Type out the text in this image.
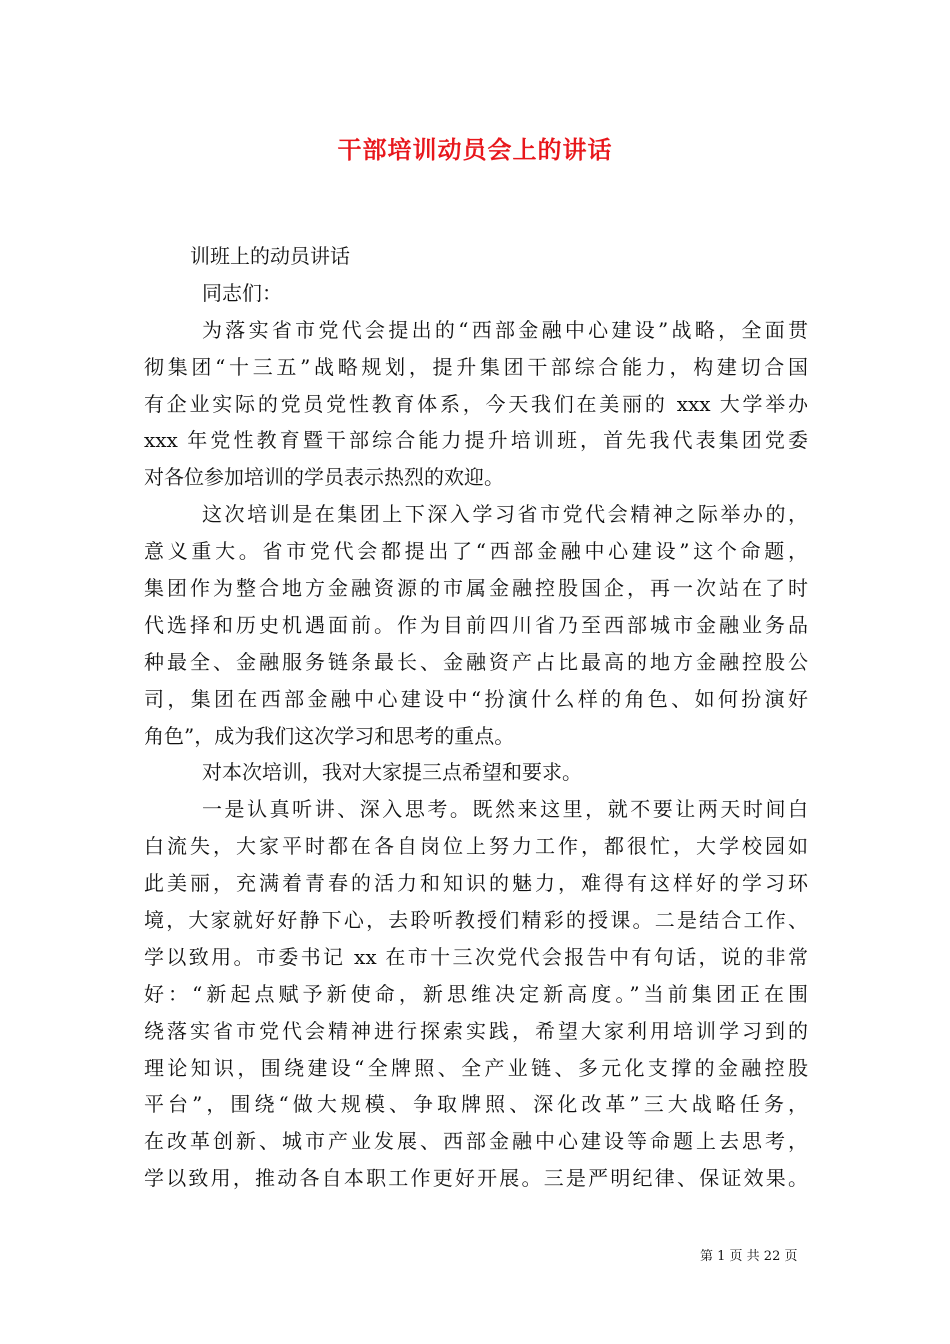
干部培训动员会上的讲话
训班上的动员讲话
同志们：
为落实省市党代会提出的“西部金融中心建设”战略，全面贯
彻集团“十三五”战略规划，提升集团干部综合能力，构建切合国
有企业实际的党员党性教育体系，今天我们在美丽的 xxx 大学举办
xxx 年党性教育暨干部综合能力提升培训班，首先我代表集团党委
对各位参加培训的学员表示热烈的欢迎。
这次培训是在集团上下深入学习省市党代会精神之际举办的，
意义重大。省市党代会都提出了“西部金融中心建设”这个命题，
集团作为整合地方金融资源的市属金融控股国企，再一次站在了时
代选择和历史机遇面前。作为目前四川省乃至西部城市金融业务品
种最全、金融服务链条最长、金融资产占比最高的地方金融控股公
司，集团在西部金融中心建设中“扮演什么样的角色、如何扮演好
角色”，成为我们这次学习和思考的重点。
对本次培训，我对大家提三点希望和要求。
一是认真听讲、深入思考。既然来这里，就不要让两天时间白
白流失，大家平时都在各自岗位上努力工作，都很忙，大学校园如
此美丽，充满着青春的活力和知识的魅力，难得有这样好的学习环
境，大家就好好静下心，去聆听教授们精彩的授课。二是结合工作、
学以致用。市委书记 xx 在市十三次党代会报告中有句话，说的非常
好：“新起点赋予新使命，新思维决定新高度。”当前集团正在围
绕落实省市党代会精神进行探索实践，希望大家利用培训学习到的
理论知识，围绕建设“全牌照、全产业链、多元化支撑的金融控股
平台”，围绕“做大规模、争取牌照、深化改革”三大战略任务，
在改革创新、城市产业发展、西部金融中心建设等命题上去思考，
学以致用，推动各自本职工作更好开展。三是严明纪律、保证效果。
第 1 页 共 22 页
